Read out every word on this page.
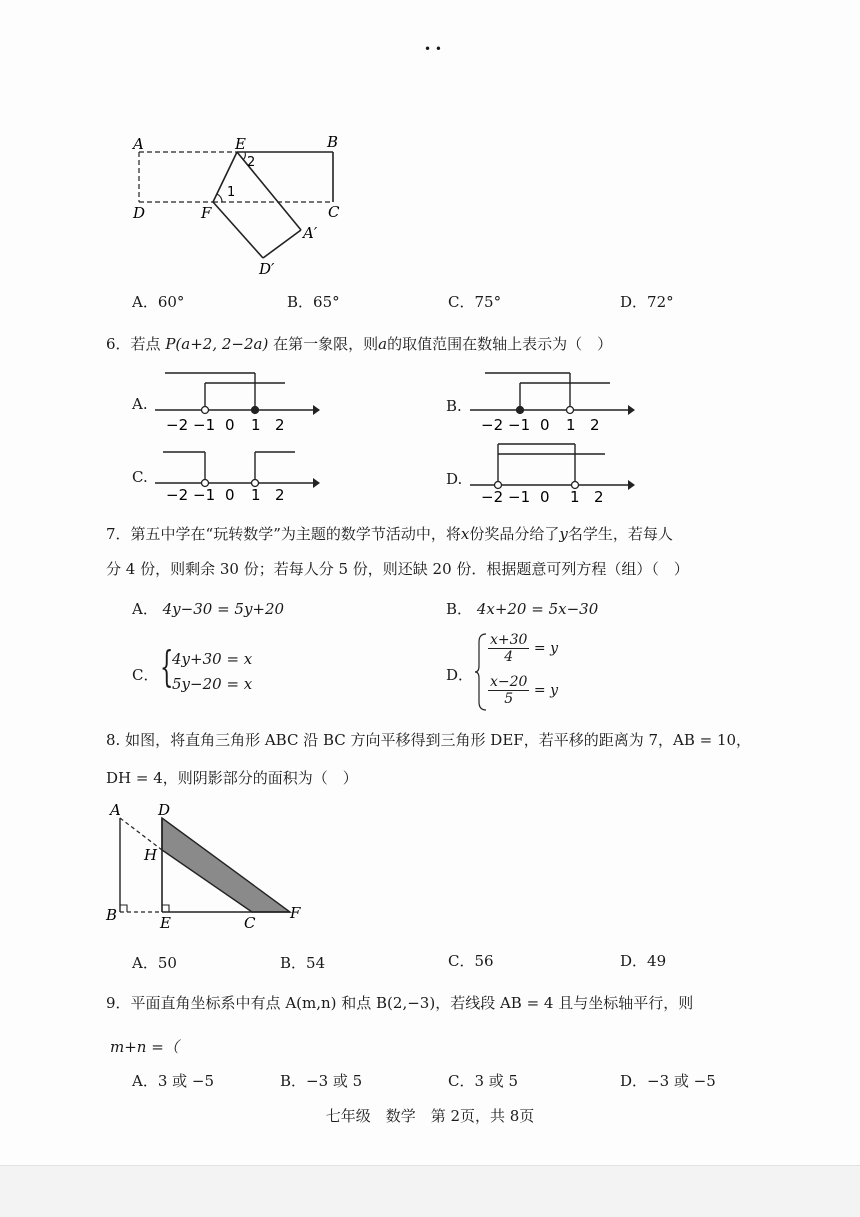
• •
A	E	B
D	F	C
A′
D′
1
2
A．60°	B．65°	C．75°	D．72°
6．若点 P(a+2, 2−2a) 在第一象限，则a的取值范围在数轴上表示为（　）
A.
−2 −1 0 1 2
B.
−2 −1 0 1 2
C.
−2 −1 0 1 2
D.
−2 −1 0 1 2
7．第五中学在“玩转数学”为主题的数学节活动中，将x份奖品分给了y名学生，若每人
分 4 份，则剩余 30 份；若每人分 5 份，则还缺 20 份．根据题意可列方程（组）（　）
A． 4y−30 = 5y+20	B． 4x+20 = 5x−30
C． {
4y+30 = x
5y−20 = x	D．
$\frac{x+30}{4} = y$
$\frac{x-20}{5} = y$
8. 如图，将直角三角形 ABC 沿 BC 方向平移得到三角形 DEF，若平移的距离为 7，AB = 10，
DH = 4，则阴影部分的面积为（　）
A D
H
B	E	C
F
A．50	B．54	C．56	D．49
9．平面直角坐标系中有点 A(m,n) 和点 B(2,−3)，若线段 AB = 4 且与坐标轴平行，则
m+n =（
A．3 或 −5	B．−3 或 5	C．3 或 5	D．−3 或 −5
七年级　数学　第 2页，共 8页
